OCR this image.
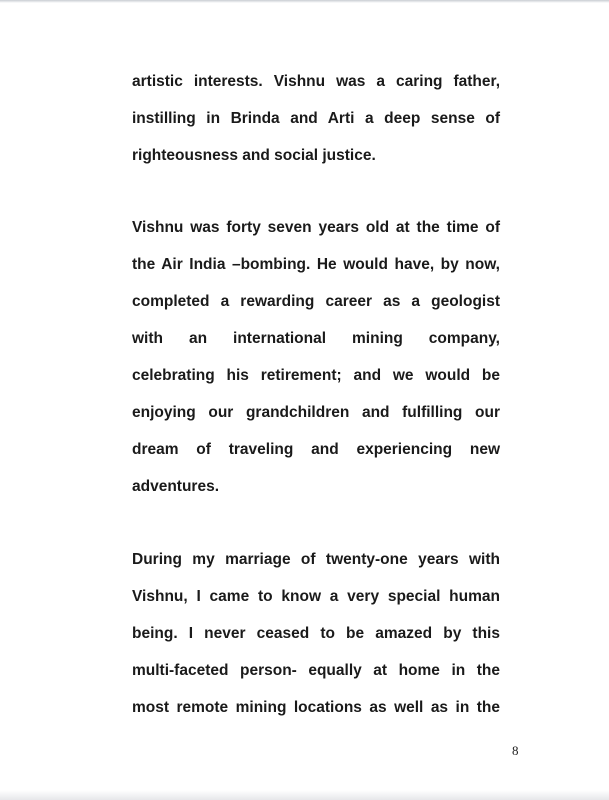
artistic interests. Vishnu was a caring father,

instilling in Brinda and Arti a deep sense of

righteousness and social justice.

Vishnu was forty seven years old at the time of

the Air India –bombing. He would have, by now,

completed a rewarding career as a geologist

with an international mining company,

celebrating his retirement; and we would be

enjoying our grandchildren and fulfilling our

dream of traveling and experiencing new

adventures.

During my marriage of twenty-one years with

Vishnu, I came to know a very special human

being. I never ceased to be amazed by this

multi-faceted person- equally at home in the

most remote mining locations as well as in the

8
